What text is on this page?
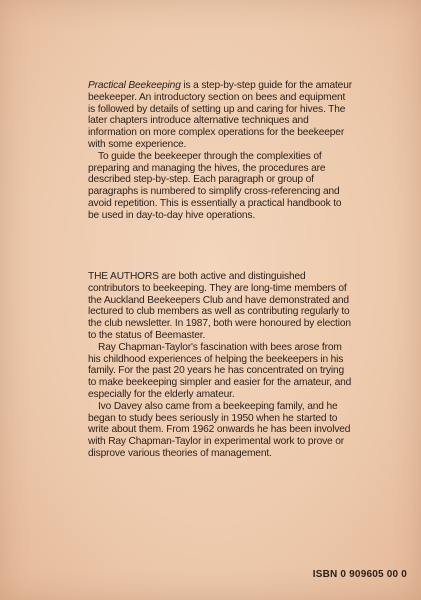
Practical Beekeeping is a step-by-step guide for the amateur beekeeper. An introductory section on bees and equipment is followed by details of setting up and caring for hives. The later chapters introduce alternative techniques and information on more complex operations for the beekeeper with some experience.

To guide the beekeeper through the complexities of preparing and managing the hives, the procedures are described step-by-step. Each paragraph or group of paragraphs is numbered to simplify cross-referencing and avoid repetition. This is essentially a practical handbook to be used in day-to-day hive operations.

THE AUTHORS are both active and distinguished contributors to beekeeping. They are long-time members of the Auckland Beekeepers Club and have demonstrated and lectured to club members as well as contributing regularly to the club newsletter. In 1987, both were honoured by election to the status of Beemaster.

Ray Chapman-Taylor's fascination with bees arose from his childhood experiences of helping the beekeepers in his family. For the past 20 years he has concentrated on trying to make beekeeping simpler and easier for the amateur, and especially for the elderly amateur.

Ivo Davey also came from a beekeeping family, and he began to study bees seriously in 1950 when he started to write about them. From 1962 onwards he has been involved with Ray Chapman-Taylor in experimental work to prove or disprove various theories of management.

ISBN 0 909605 00 0
